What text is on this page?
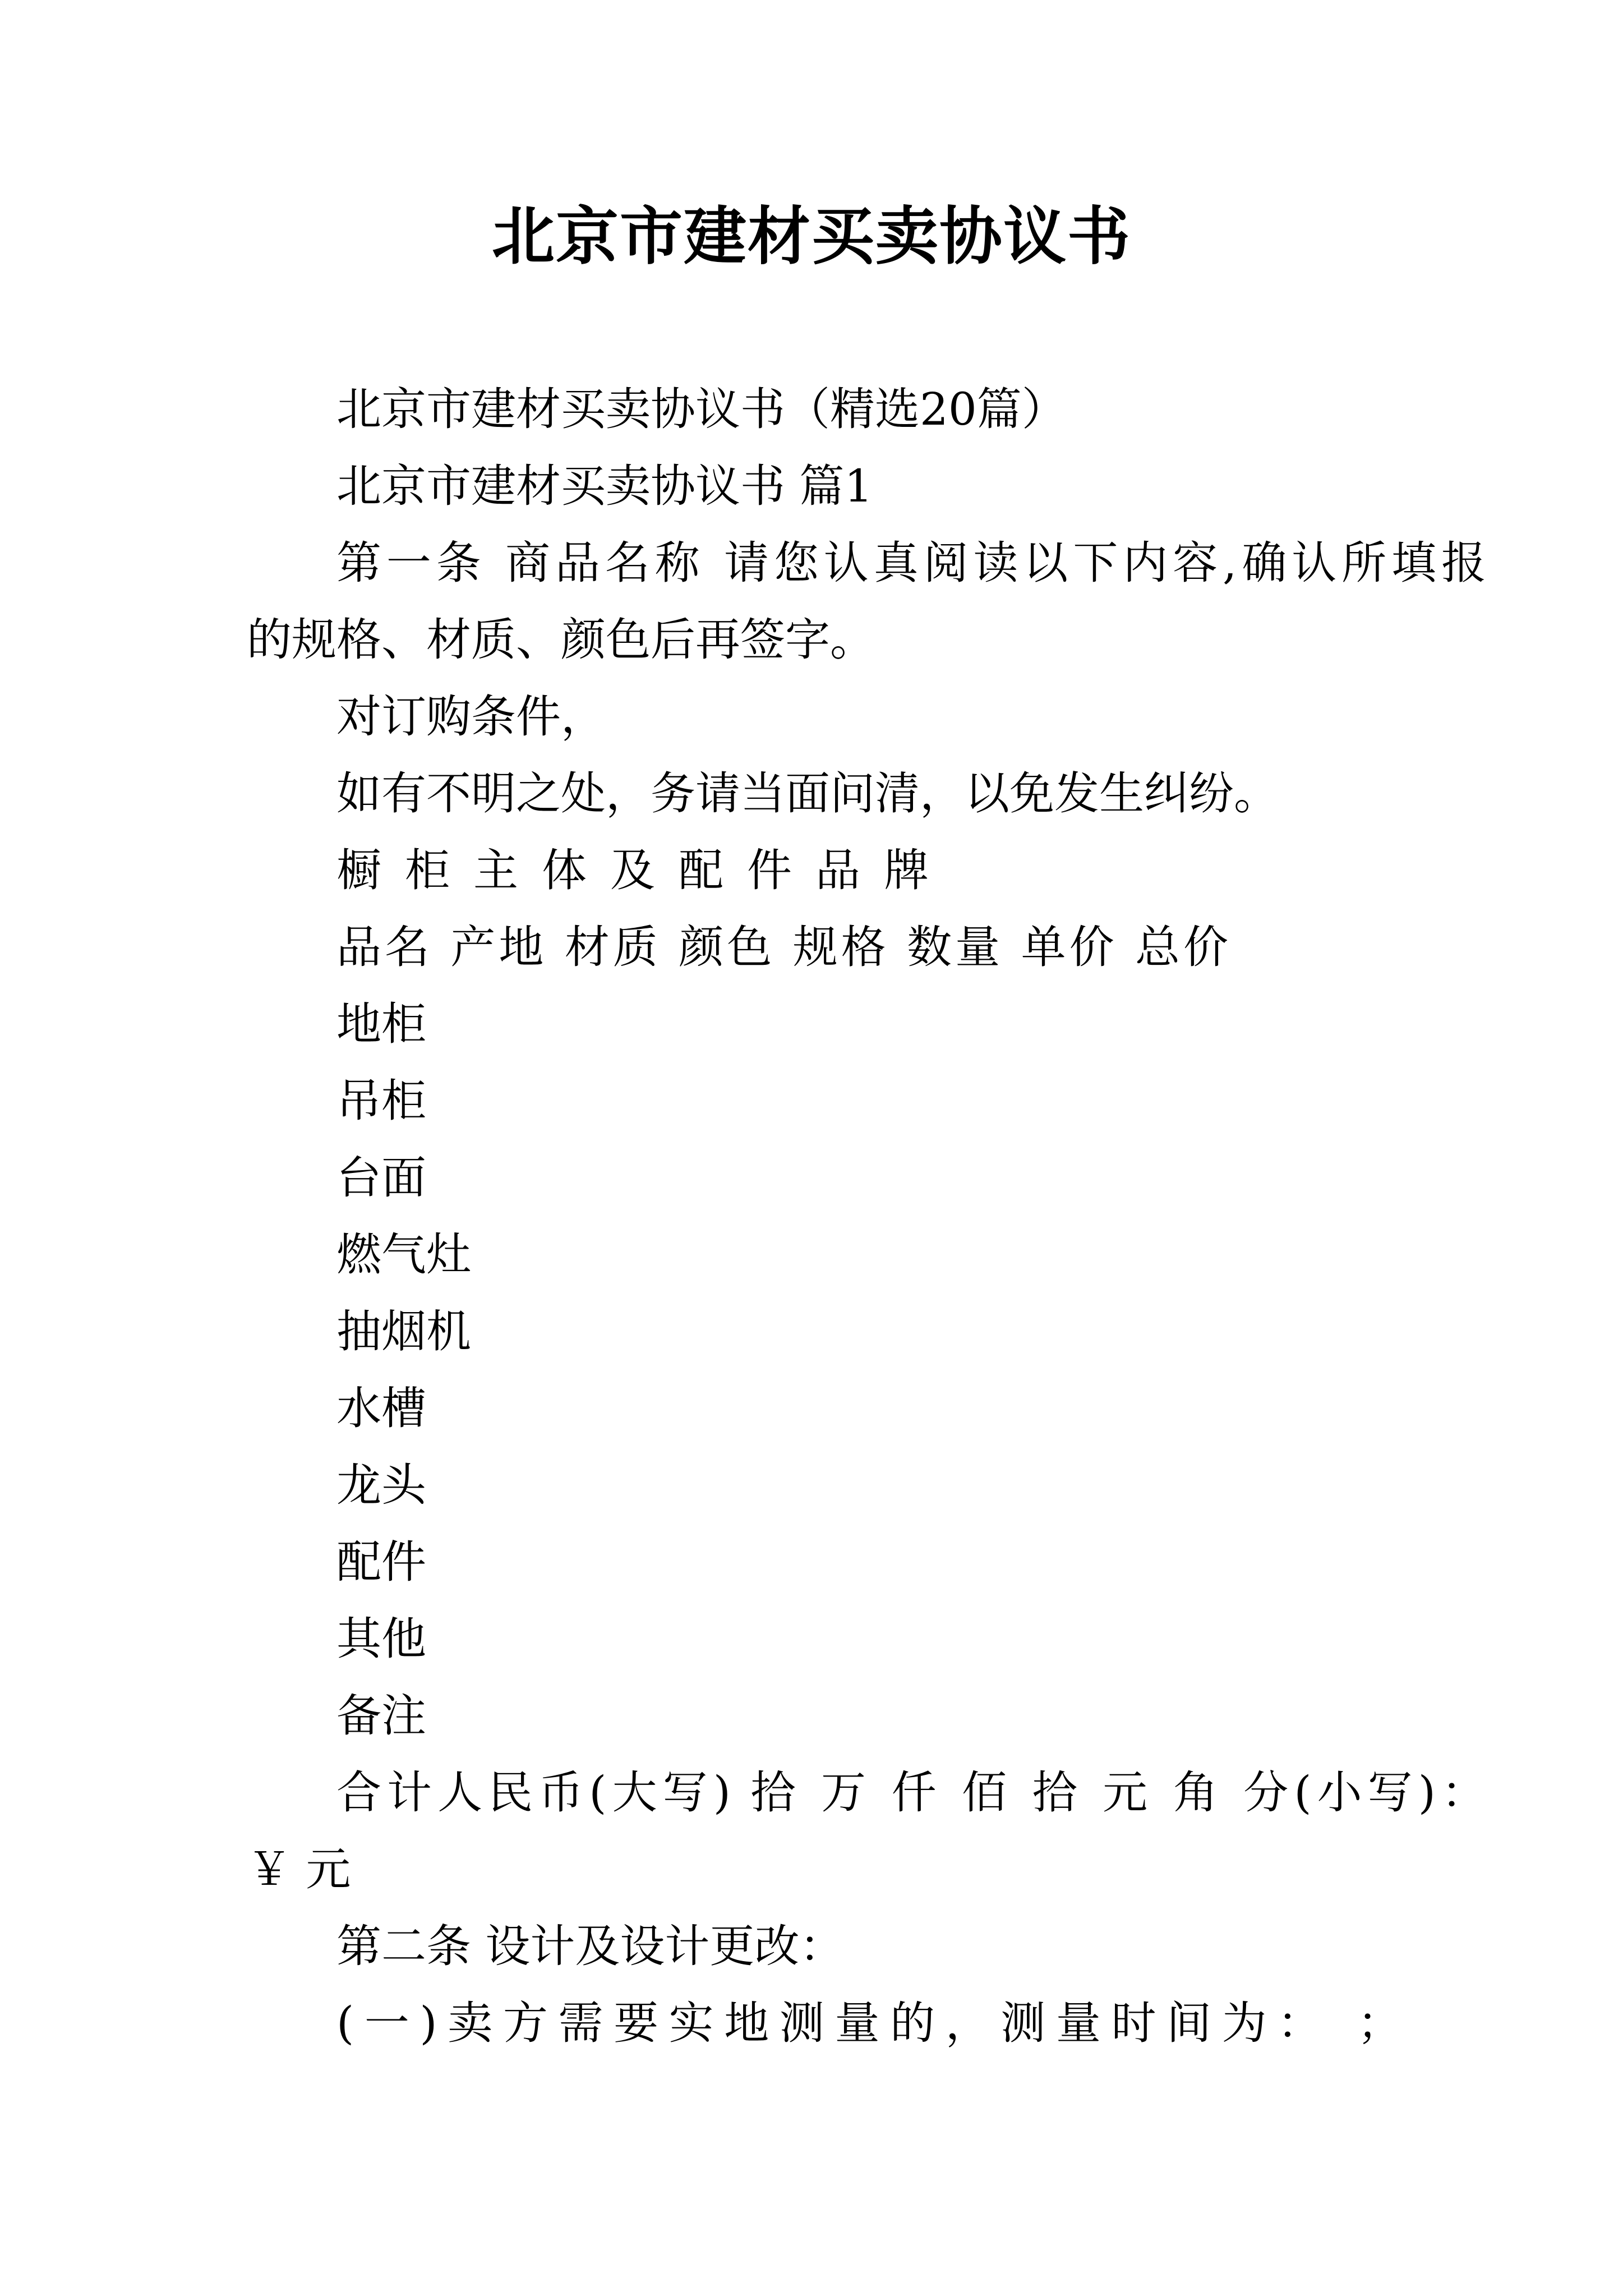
北京市建材买卖协议书
北京市建材买卖协议书（精选20篇）
北京市建材买卖协议书 篇1
第一条 商品名称 请您认真阅读以下内容,确认所填报
的规格、材质、颜色后再签字。
对订购条件，
如有不明之处，务请当面问清，以免发生纠纷。
橱柜主体及配件品牌
品名 产地 材质 颜色 规格 数量 单价 总价
地柜
吊柜
台面
燃气灶
抽烟机
水槽
龙头
配件
其他
备注
合计人民币(大写) 拾 万 仟 佰 拾 元 角 分(小写)：
￥ 元
第二条 设计及设计更改：
(一)卖方需要实地测量的，测量时间为： ；
